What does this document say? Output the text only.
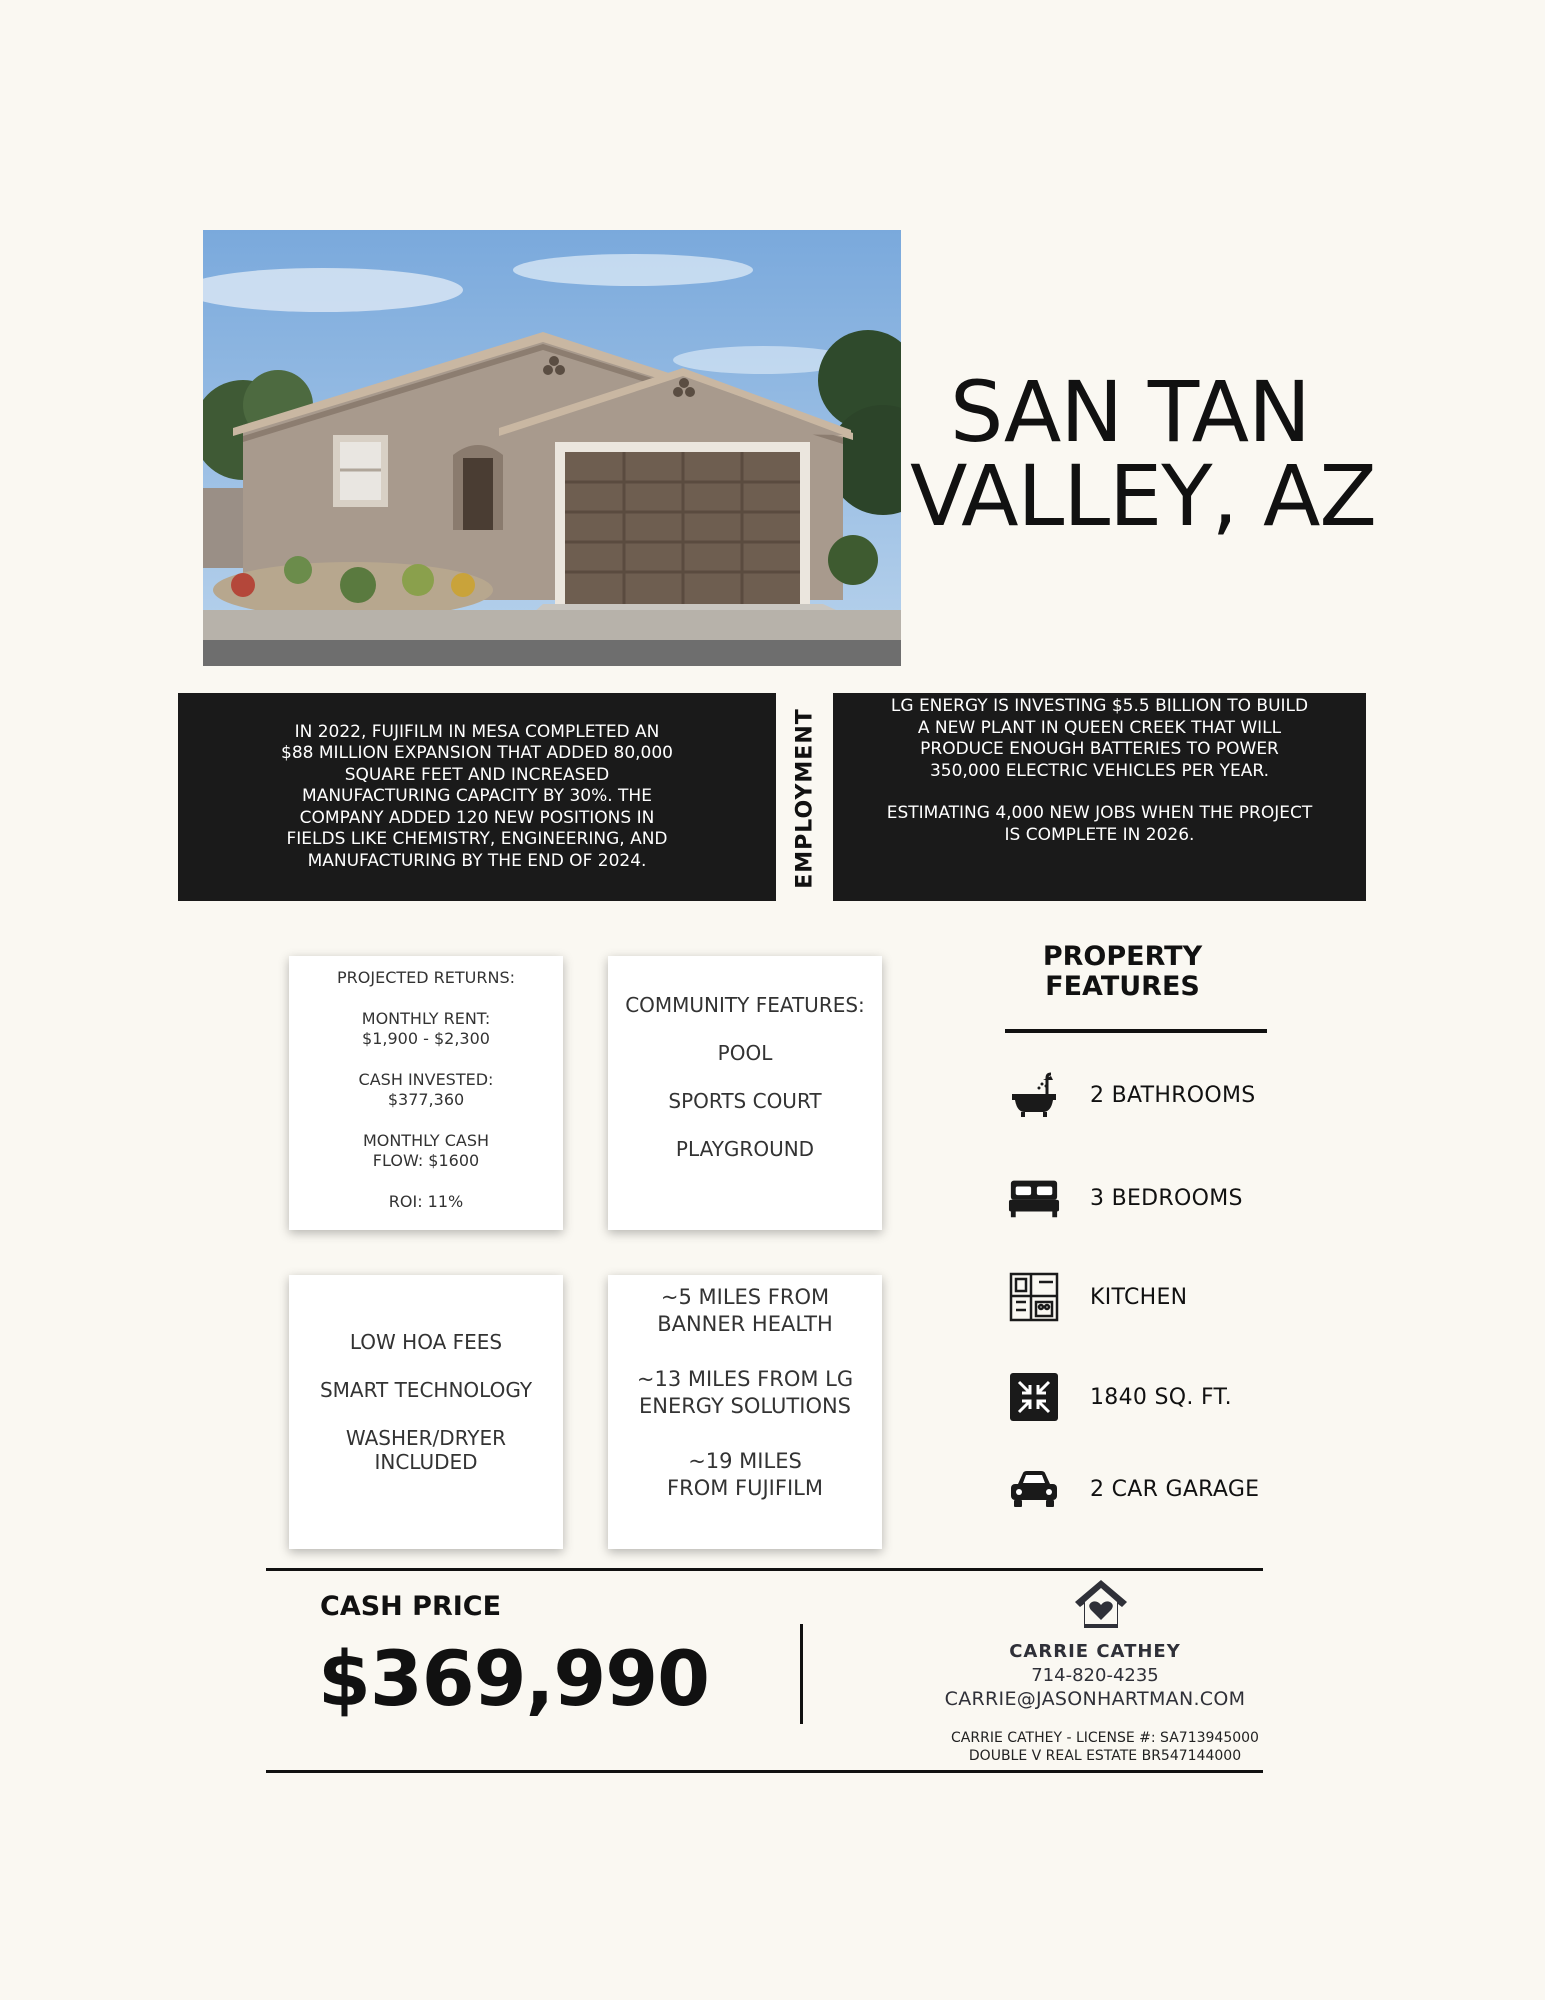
SAN TAN
VALLEY, AZ
IN 2022, FUJIFILM IN MESA COMPLETED AN $88 MILLION EXPANSION THAT ADDED 80,000 SQUARE FEET AND INCREASED MANUFACTURING CAPACITY BY 30%. THE COMPANY ADDED 120 NEW POSITIONS IN FIELDS LIKE CHEMISTRY, ENGINEERING, AND MANUFACTURING BY THE END OF 2024.	EMPLOYMENT

LG ENERGY IS INVESTING $5.5 BILLION TO BUILD A NEW PLANT IN QUEEN CREEK THAT WILL PRODUCE ENOUGH BATTERIES TO POWER 350,000 ELECTRIC VEHICLES PER YEAR.

ESTIMATING 4,000 NEW JOBS WHEN THE PROJECT IS COMPLETE IN 2026.

PROJECTED RETURNS:

MONTHLY RENT:
$1,900 - $2,300

CASH INVESTED:
$377,360

MONTHLY CASH
FLOW: $1600

ROI: 11%

COMMUNITY FEATURES:

POOL

SPORTS COURT

PLAYGROUND

LOW HOA FEES

SMART TECHNOLOGY

WASHER/DRYER INCLUDED

~5 MILES FROM BANNER HEALTH

~13 MILES FROM LG ENERGY SOLUTIONS

~19 MILES FROM FUJIFILM

PROPERTY FEATURES
2 BATHROOMS
3 BEDROOMS
KITCHEN
1840 SQ. FT.
2 CAR GARAGE
CASH PRICE
$369,990	CARRIE CATHEY
714-820-4235
CARRIE@JASONHARTMAN.COM
CARRIE CATHEY - LICENSE #: SA713945000
DOUBLE V REAL ESTATE BR547144000
